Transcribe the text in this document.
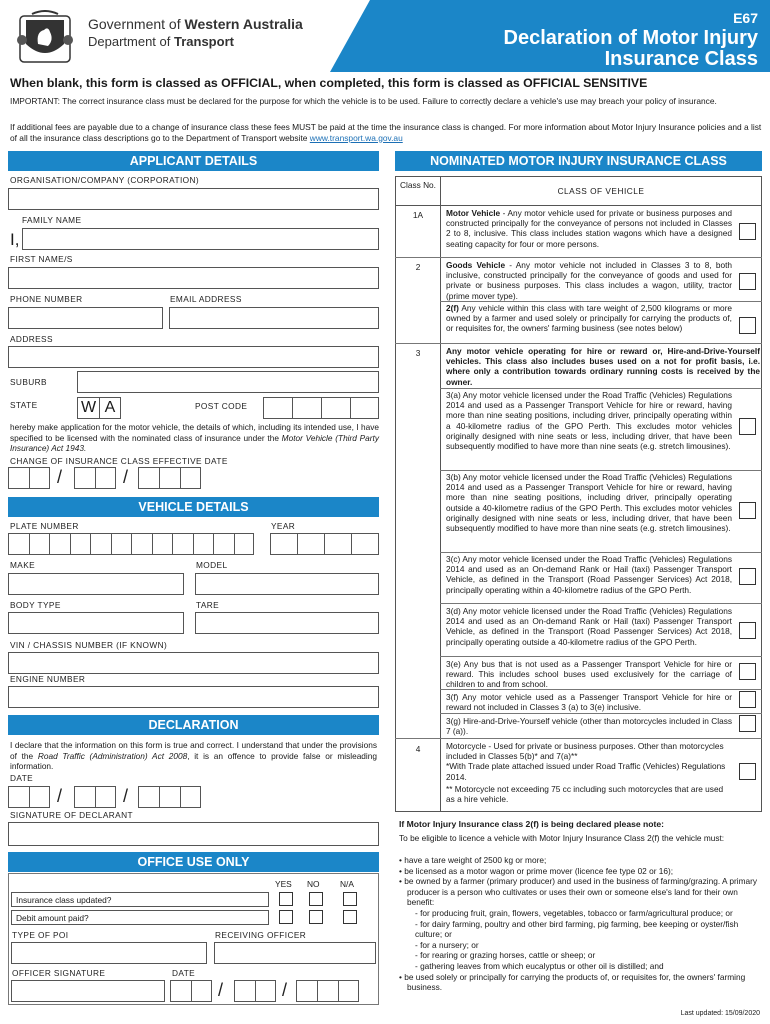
Government of Western Australia
Department of Transport
E67
Declaration of Motor Injury
Insurance Class
When blank, this form is classed as OFFICIAL, when completed, this form is classed as OFFICIAL SENSITIVE
IMPORTANT: The correct insurance class must be declared for the purpose for which the vehicle is to be used. Failure to correctly declare a vehicle's use may breach your policy of insurance.
If additional fees are payable due to a change of insurance class these fees MUST be paid at the time the insurance class is changed. For more information about Motor Injury Insurance policies and a list of all the insurance class descriptions go to the Department of Transport website www.transport.wa.gov.au
APPLICANT DETAILS
ORGANISATION/COMPANY (CORPORATION)
FAMILY NAME
I,
FIRST NAME/S
PHONE NUMBER	EMAIL ADDRESS
ADDRESS
SUBURB
STATE	W A	POST CODE
hereby make application for the motor vehicle, the details of which, including its intended use, I have specified to be licensed with the nominated class of insurance under the Motor Vehicle (Third Party Insurance) Act 1943.
CHANGE OF INSURANCE CLASS EFFECTIVE DATE
/	/
VEHICLE DETAILS
PLATE NUMBER	YEAR
MAKE	MODEL
BODY TYPE	TARE
VIN / CHASSIS NUMBER (IF KNOWN)
ENGINE NUMBER
DECLARATION
I declare that the information on this form is true and correct. I understand that under the provisions of the Road Traffic (Administration) Act 2008, it is an offence to provide false or misleading information.
DATE
/	/
SIGNATURE OF DECLARANT
OFFICE USE ONLY
YES NO N/A
Insurance class updated?
Debit amount paid?
TYPE OF POI	RECEIVING OFFICER
OFFICER SIGNATURE	DATE
/	/
NOMINATED MOTOR INJURY INSURANCE CLASS
Class No.
CLASS OF VEHICLE
1A	Motor Vehicle - Any motor vehicle used for private or business purposes and constructed principally for the conveyance of persons not included in Classes 2 to 8, inclusive. This class includes station wagons which have a designed seating capacity for four or more persons.
2	Goods Vehicle - Any motor vehicle not included in Classes 3 to 8, both inclusive, constructed principally for the conveyance of goods and used for private or business purposes. This class includes a wagon, utility, tractor (prime mover type).
2(f) Any vehicle within this class with tare weight of 2,500 kilograms or more owned by a farmer and used solely or principally for carrying the products of, or requisites for, the owners' farming business (see notes below)
3	Any motor vehicle operating for hire or reward or, Hire-and-Drive-Yourself vehicles. This class also includes buses used on a not for profit basis, i.e. where only a contribution towards ordinary running costs is received by the owner.
3(a) Any motor vehicle licensed under the Road Traffic (Vehicles) Regulations 2014 and used as a Passenger Transport Vehicle for hire or reward, having more than nine seating positions, including driver, principally operating within a 40-kilometre radius of the GPO Perth. This excludes motor vehicles originally designed with nine seats or less, including driver, that have been subsequently modified to have more than nine seats (e.g. stretch limousines).
3(b) Any motor vehicle licensed under the Road Traffic (Vehicles) Regulations 2014 and used as a Passenger Transport Vehicle for hire or reward, having more than nine seating positions, including driver, principally operating outside a 40-kilometre radius of the GPO Perth. This excludes motor vehicles originally designed with nine seats or less, including driver, that have been subsequently modified to have more than nine seats (e.g. stretch limousines).
3(c) Any motor vehicle licensed under the Road Traffic (Vehicles) Regulations 2014 and used as an On-demand Rank or Hail (taxi) Passenger Transport Vehicle, as defined in the Transport (Road Passenger Services) Act 2018, principally operating within a 40-kilometre radius of the GPO Perth.
3(d) Any motor vehicle licensed under the Road Traffic (Vehicles) Regulations 2014 and used as an On-demand Rank or Hail (taxi) Passenger Transport Vehicle, as defined in the Transport (Road Passenger Services) Act 2018, principally operating outside a 40-kilometre radius of the GPO Perth.
3(e) Any bus that is not used as a Passenger Transport Vehicle for hire or reward. This includes school buses used exclusively for the carriage of children to and from school.
3(f) Any motor vehicle used as a Passenger Transport Vehicle for hire or reward not included in Classes 3 (a) to 3(e) inclusive.
3(g) Hire-and-Drive-Yourself vehicle (other than motorcycles included in Class 7 (a)).
4	Motorcycle - Used for private or business purposes. Other than motorcycles included in Classes 5(b)* and 7(a)**
*With Trade plate attached issued under Road Traffic (Vehicles) Regulations 2014.
** Motorcycle not exceeding 75 cc including such motorcycles that are used as a hire vehicle.
If Motor Injury Insurance class 2(f) is being declared please note:
To be eligible to licence a vehicle with Motor Injury Insurance Class 2(f) the vehicle must:
• have a tare weight of 2500 kg or more;
• be licensed as a motor wagon or prime mover (licence fee type 02 or 16);
• be owned by a farmer (primary producer) and used in the business of farming/grazing. A primary producer is a person who cultivates or uses their own or someone else's land for their own benefit:
- for producing fruit, grain, flowers, vegetables, tobacco or farm/agricultural produce; or
- for dairy farming, poultry and other bird farming, pig farming, bee keeping or oyster/fish culture; or
- for a nursery; or
- for rearing or grazing horses, cattle or sheep; or
- gathering leaves from which eucalyptus or other oil is distilled; and
• be used solely or principally for carrying the products of, or requisites for, the owners' farming business.
Last updated: 15/09/2020
